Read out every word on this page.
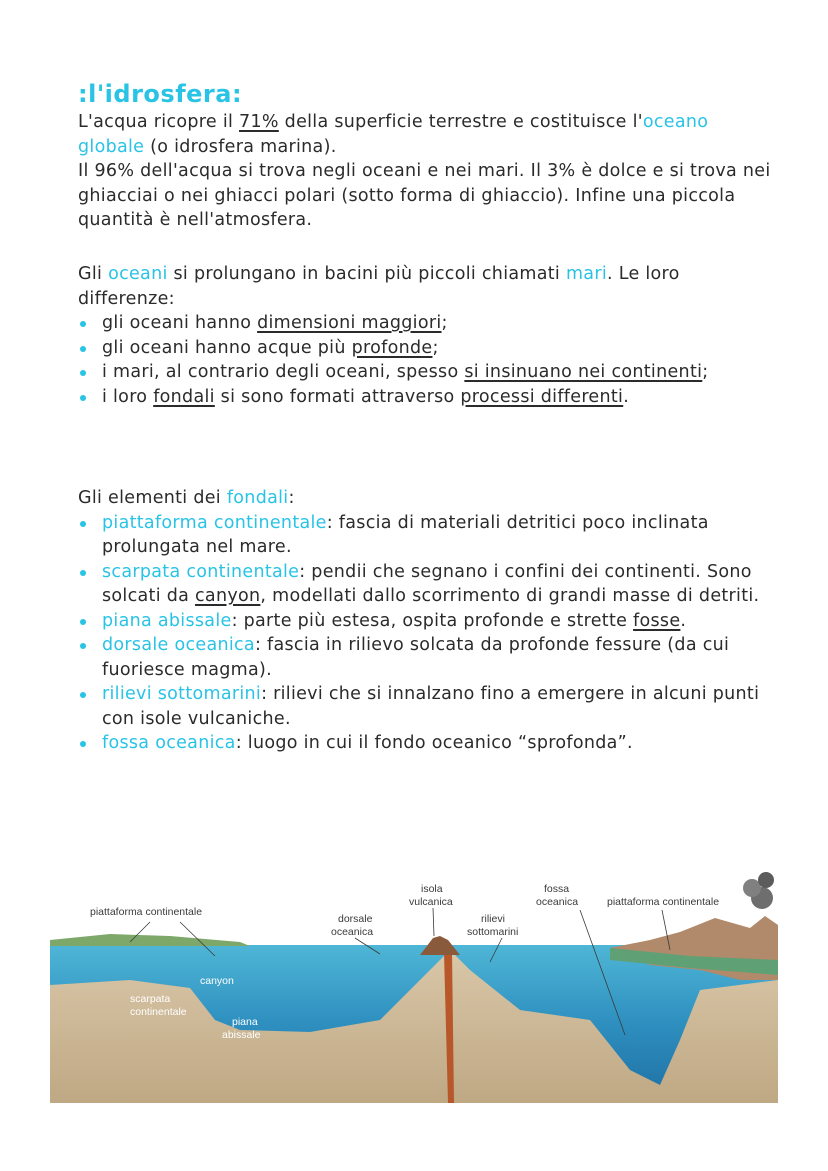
:l'idrosfera:
L'acqua ricopre il 71% della superficie terrestre e costituisce l'oceano globale (o idrosfera marina).
Il 96% dell'acqua si trova negli oceani e nei mari. Il 3% è dolce e si trova nei ghiacciai o nei ghiacci polari (sotto forma di ghiaccio). Infine una piccola quantità è nell'atmosfera.
Gli oceani si prolungano in bacini più piccoli chiamati mari. Le loro differenze:
gli oceani hanno dimensioni maggiori;
gli oceani hanno acque più profonde;
i mari, al contrario degli oceani, spesso si insinuano nei continenti;
i loro fondali si sono formati attraverso processi differenti.
Gli elementi dei fondali:
piattaforma continentale: fascia di materiali detritici poco inclinata prolungata nel mare.
scarpata continentale: pendii che segnano i confini dei continenti. Sono solcati da canyon, modellati dallo scorrimento di grandi masse di detriti.
piana abissale: parte più estesa, ospita profonde e strette fosse.
dorsale oceanica: fascia in rilievo solcata da profonde fessure (da cui fuoriesce magma).
rilievi sottomarini: rilievi che si innalzano fino a emergere in alcuni punti con isole vulcaniche.
fossa oceanica: luogo in cui il fondo oceanico “sprofonda”.
piattaforma continentale
dorsale
oceanica
isola
vulcanica
rilievi
sottomarini
fossa
oceanica	piattaforma continentale
canyon
scarpata
continentale
piana
abissale
